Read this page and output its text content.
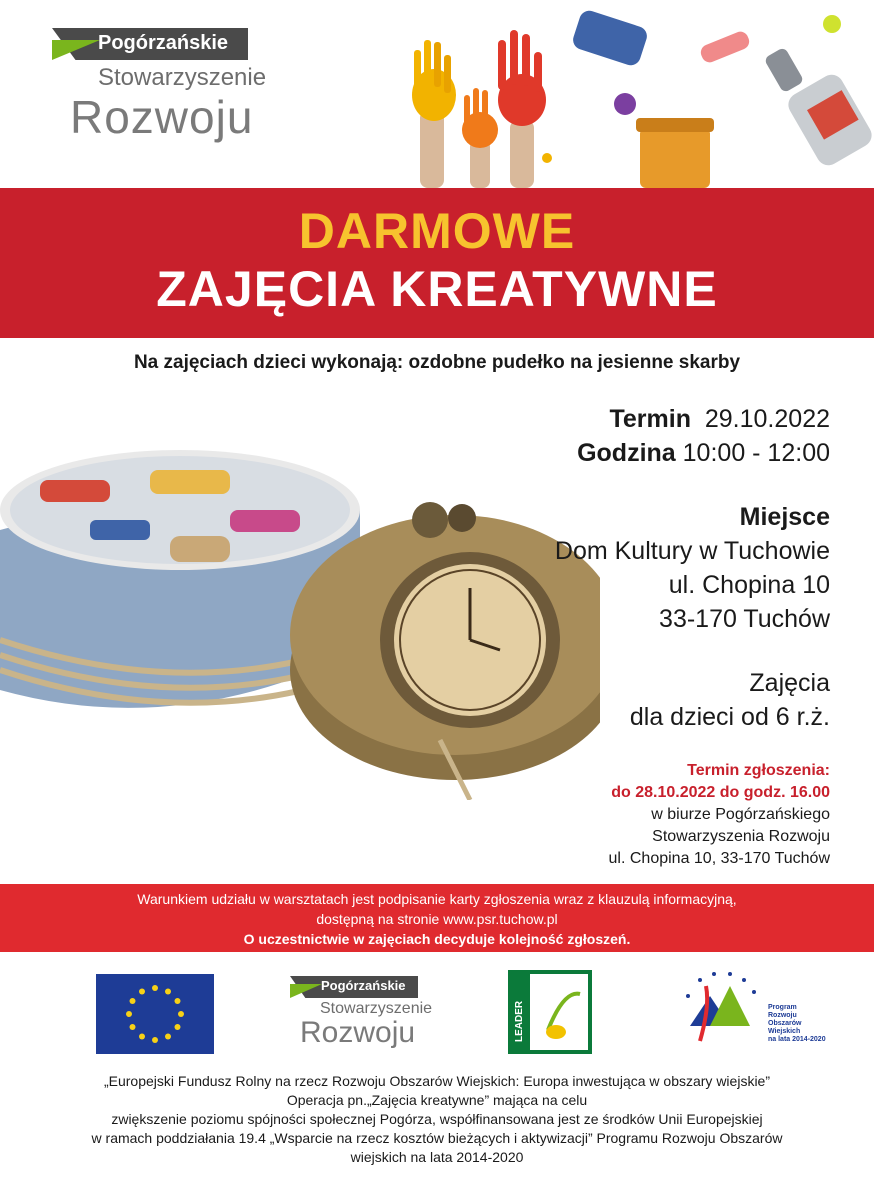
Pogórzańskie
Stowarzyszenie
Rozwoju
DARMOWE
ZAJĘCIA KREATYWNE
Na zajęciach dzieci wykonają: ozdobne pudełko na jesienne skarby
Termin 29.10.2022
Godzina 10:00 - 12:00
Miejsce
Dom Kultury w Tuchowie
ul. Chopina 10
33-170 Tuchów
Zajęcia
dla dzieci od 6 r.ż.
Termin zgłoszenia:
do 28.10.2022 do godz. 16.00
w biurze Pogórzańskiego
Stowarzyszenia Rozwoju
ul. Chopina 10, 33-170 Tuchów
Warunkiem udziału w warsztatach jest podpisanie karty zgłoszenia wraz z klauzulą informacyjną,
dostępną na stronie www.psr.tuchow.pl
O uczestnictwie w zajęciach decyduje kolejność zgłoszeń.
Pogórzańskie
Stowarzyszenie
Rozwoju	LEADER	Program
Rozwoju
Obszarów
Wiejskich
na lata 2014-2020
„Europejski Fundusz Rolny na rzecz Rozwoju Obszarów Wiejskich: Europa inwestująca w obszary wiejskie”
Operacja pn.„Zajęcia kreatywne” mająca na celu
zwiększenie poziomu spójności społecznej Pogórza, współfinansowana jest ze środków Unii Europejskiej
w ramach poddziałania 19.4 „Wsparcie na rzecz kosztów bieżących i aktywizacji” Programu Rozwoju Obszarów
wiejskich na lata 2014-2020
